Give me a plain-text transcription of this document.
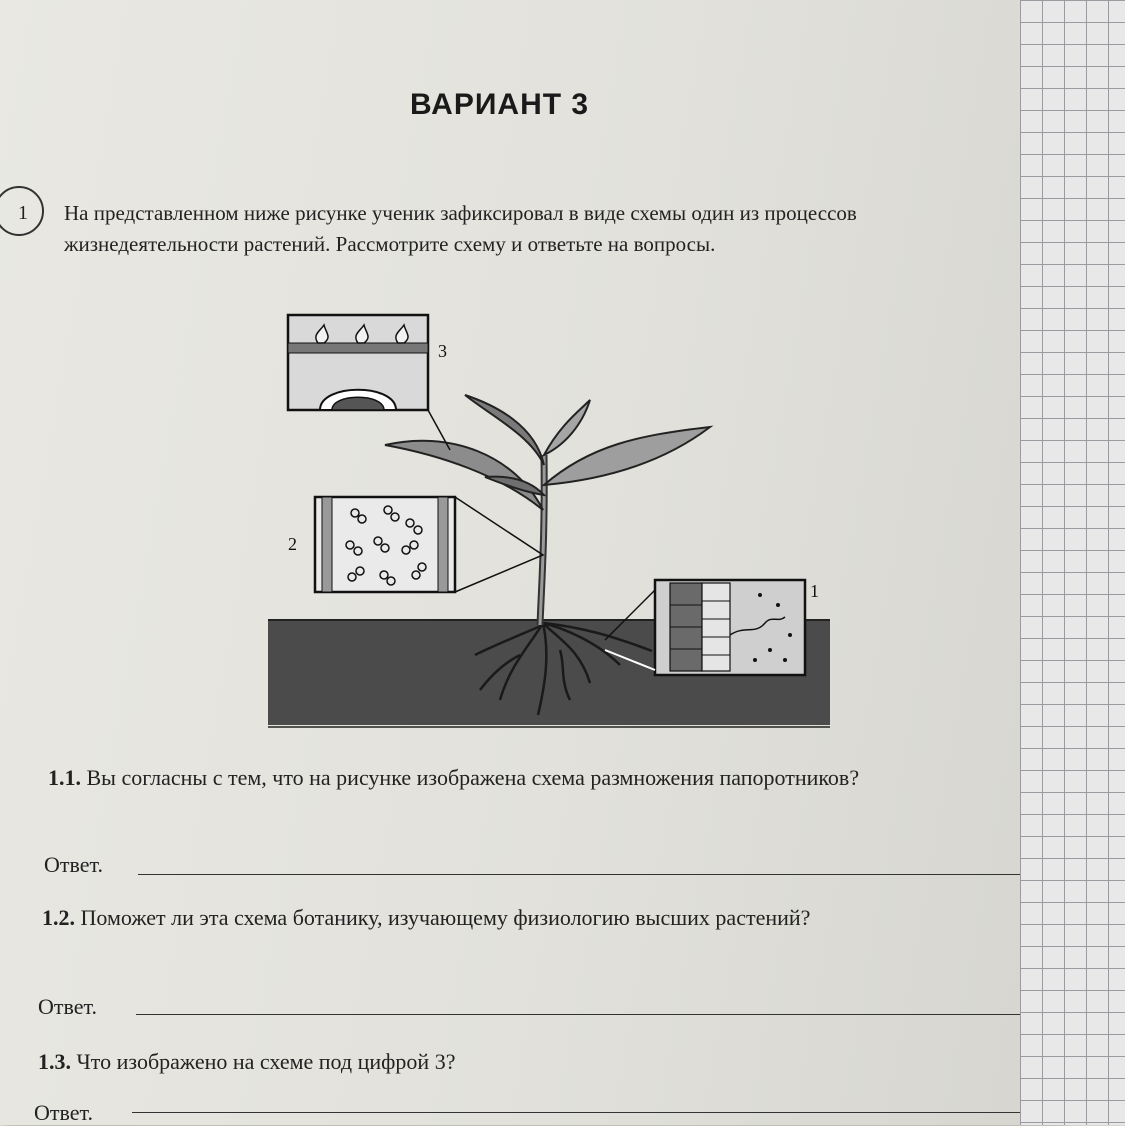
ВАРИАНТ 3
1	На представленном ниже рисунке ученик зафиксировал в виде схемы один из процессов жизнедеятельности растений. Рассмотрите схему и ответьте на вопросы.
3
2
1
1.1. Вы согласны с тем, что на рисунке изображена схема размножения папоротников?
Ответ.
1.2. Поможет ли эта схема ботанику, изучающему физиологию высших растений?
Ответ.
1.3. Что изображено на схеме под цифрой 3?
Ответ.
